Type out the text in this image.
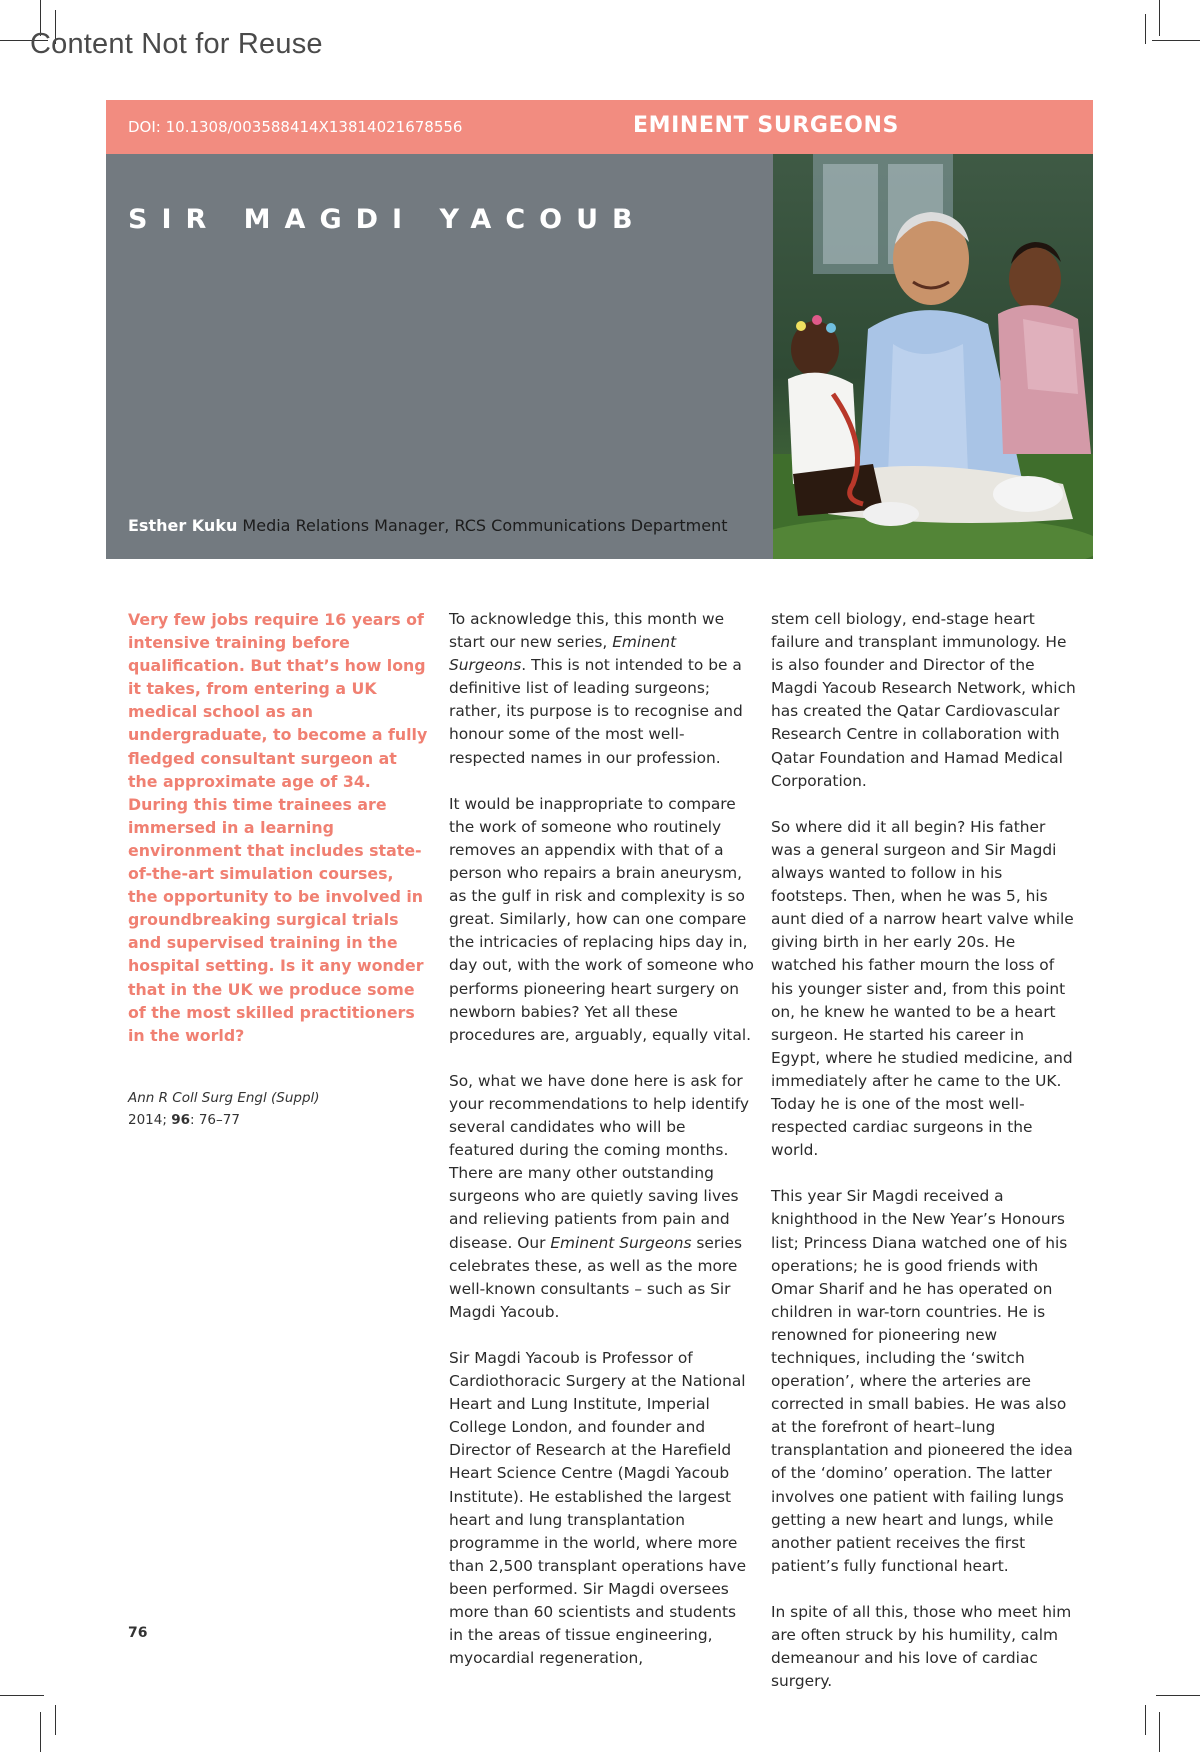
Content Not for Reuse
DOI: 10.1308/003588414X13814021678556	EMINENT SURGEONS
SIR MAGDI YACOUB
Esther Kuku Media Relations Manager, RCS Communications Department

Very few jobs require 16 years of intensive training before qualification. But that’s how long it takes, from entering a UK medical school as an undergraduate, to become a fully fledged consultant surgeon at the approximate age of 34. During this time trainees are immersed in a learning environment that includes state-of-the-art simulation courses, the opportunity to be involved in groundbreaking surgical trials and supervised training in the hospital setting. Is it any wonder that in the UK we produce some of the most skilled practitioners in the world?

Ann R Coll Surg Engl (Suppl)
2014; 96: 76–77

To acknowledge this, this month we start our new series, Eminent Surgeons. This is not intended to be a definitive list of leading surgeons; rather, its purpose is to recognise and honour some of the most well-respected names in our profession.

It would be inappropriate to compare the work of someone who routinely removes an appendix with that of a person who repairs a brain aneurysm, as the gulf in risk and complexity is so great. Similarly, how can one compare the intricacies of replacing hips day in, day out, with the work of someone who performs pioneering heart surgery on newborn babies? Yet all these procedures are, arguably, equally vital.

So, what we have done here is ask for your recommendations to help identify several candidates who will be featured during the coming months. There are many other outstanding surgeons who are quietly saving lives and relieving patients from pain and disease. Our Eminent Surgeons series celebrates these, as well as the more well-known consultants – such as Sir Magdi Yacoub.

Sir Magdi Yacoub is Professor of Cardiothoracic Surgery at the National Heart and Lung Institute, Imperial College London, and founder and Director of Research at the Harefield Heart Science Centre (Magdi Yacoub Institute). He established the largest heart and lung transplantation programme in the world, where more than 2,500 transplant operations have been performed. Sir Magdi oversees more than 60 scientists and students in the areas of tissue engineering, myocardial regeneration,

stem cell biology, end-stage heart failure and transplant immunology. He is also founder and Director of the Magdi Yacoub Research Network, which has created the Qatar Cardiovascular Research Centre in collaboration with Qatar Foundation and Hamad Medical Corporation.

So where did it all begin? His father was a general surgeon and Sir Magdi always wanted to follow in his footsteps. Then, when he was 5, his aunt died of a narrow heart valve while giving birth in her early 20s. He watched his father mourn the loss of his younger sister and, from this point on, he knew he wanted to be a heart surgeon. He started his career in Egypt, where he studied medicine, and immediately after he came to the UK. Today he is one of the most well-respected cardiac surgeons in the world.

This year Sir Magdi received a knighthood in the New Year’s Honours list; Princess Diana watched one of his operations; he is good friends with Omar Sharif and he has operated on children in war-torn countries. He is renowned for pioneering new techniques, including the ‘switch operation’, where the arteries are corrected in small babies. He was also at the forefront of heart–lung transplantation and pioneered the idea of the ‘domino’ operation. The latter involves one patient with failing lungs getting a new heart and lungs, while another patient receives the first patient’s fully functional heart.

In spite of all this, those who meet him are often struck by his humility, calm demeanour and his love of cardiac surgery.

76
